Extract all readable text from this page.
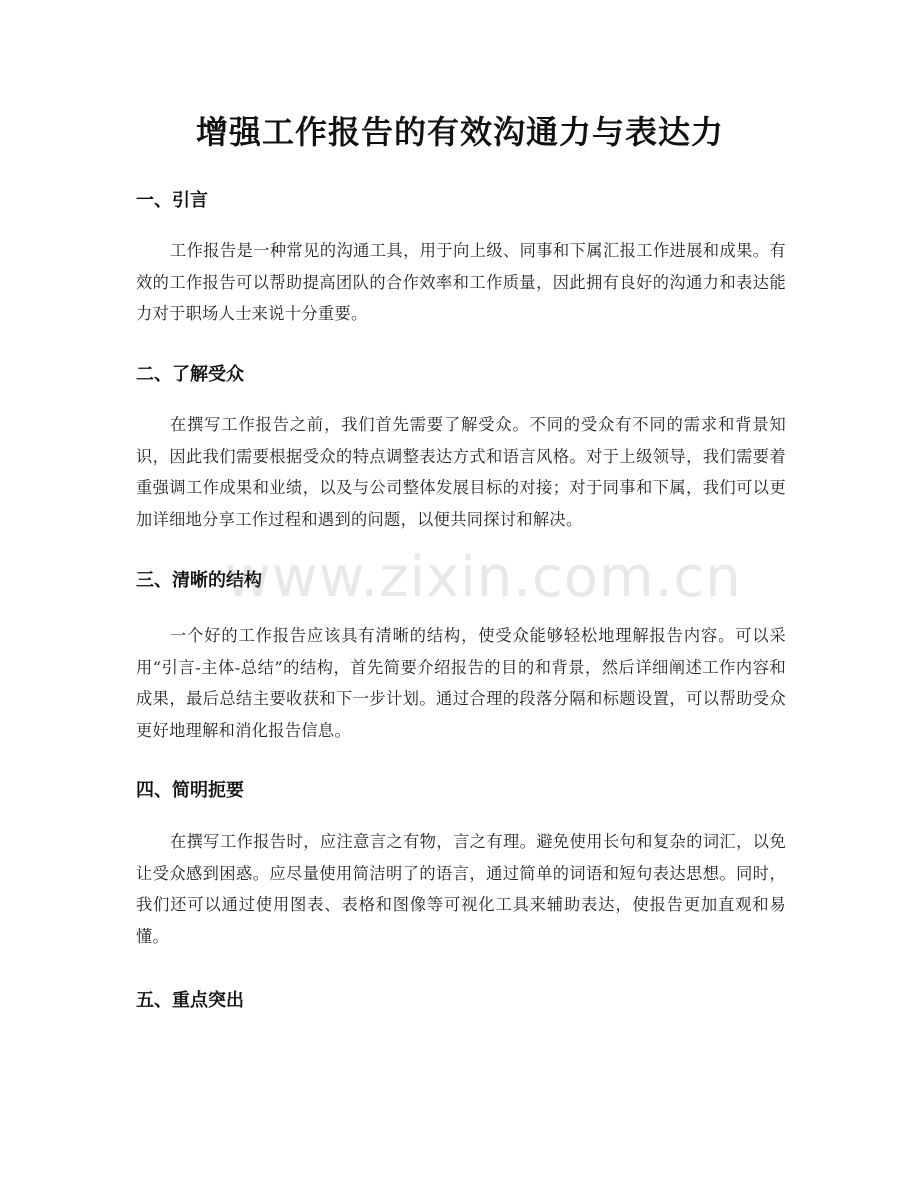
增强工作报告的有效沟通力与表达力
一、引言
工作报告是一种常见的沟通工具，用于向上级、同事和下属汇报工作进展和成果。有效的工作报告可以帮助提高团队的合作效率和工作质量，因此拥有良好的沟通力和表达能力对于职场人士来说十分重要。
二、了解受众
在撰写工作报告之前，我们首先需要了解受众。不同的受众有不同的需求和背景知识，因此我们需要根据受众的特点调整表达方式和语言风格。对于上级领导，我们需要着重强调工作成果和业绩，以及与公司整体发展目标的对接；对于同事和下属，我们可以更加详细地分享工作过程和遇到的问题，以便共同探讨和解决。
三、清晰的结构
一个好的工作报告应该具有清晰的结构，使受众能够轻松地理解报告内容。可以采用“引言-主体-总结”的结构，首先简要介绍报告的目的和背景，然后详细阐述工作内容和成果，最后总结主要收获和下一步计划。通过合理的段落分隔和标题设置，可以帮助受众更好地理解和消化报告信息。
四、简明扼要
在撰写工作报告时，应注意言之有物，言之有理。避免使用长句和复杂的词汇，以免让受众感到困惑。应尽量使用简洁明了的语言，通过简单的词语和短句表达思想。同时，我们还可以通过使用图表、表格和图像等可视化工具来辅助表达，使报告更加直观和易懂。
五、重点突出
www.zixin.com.cn
